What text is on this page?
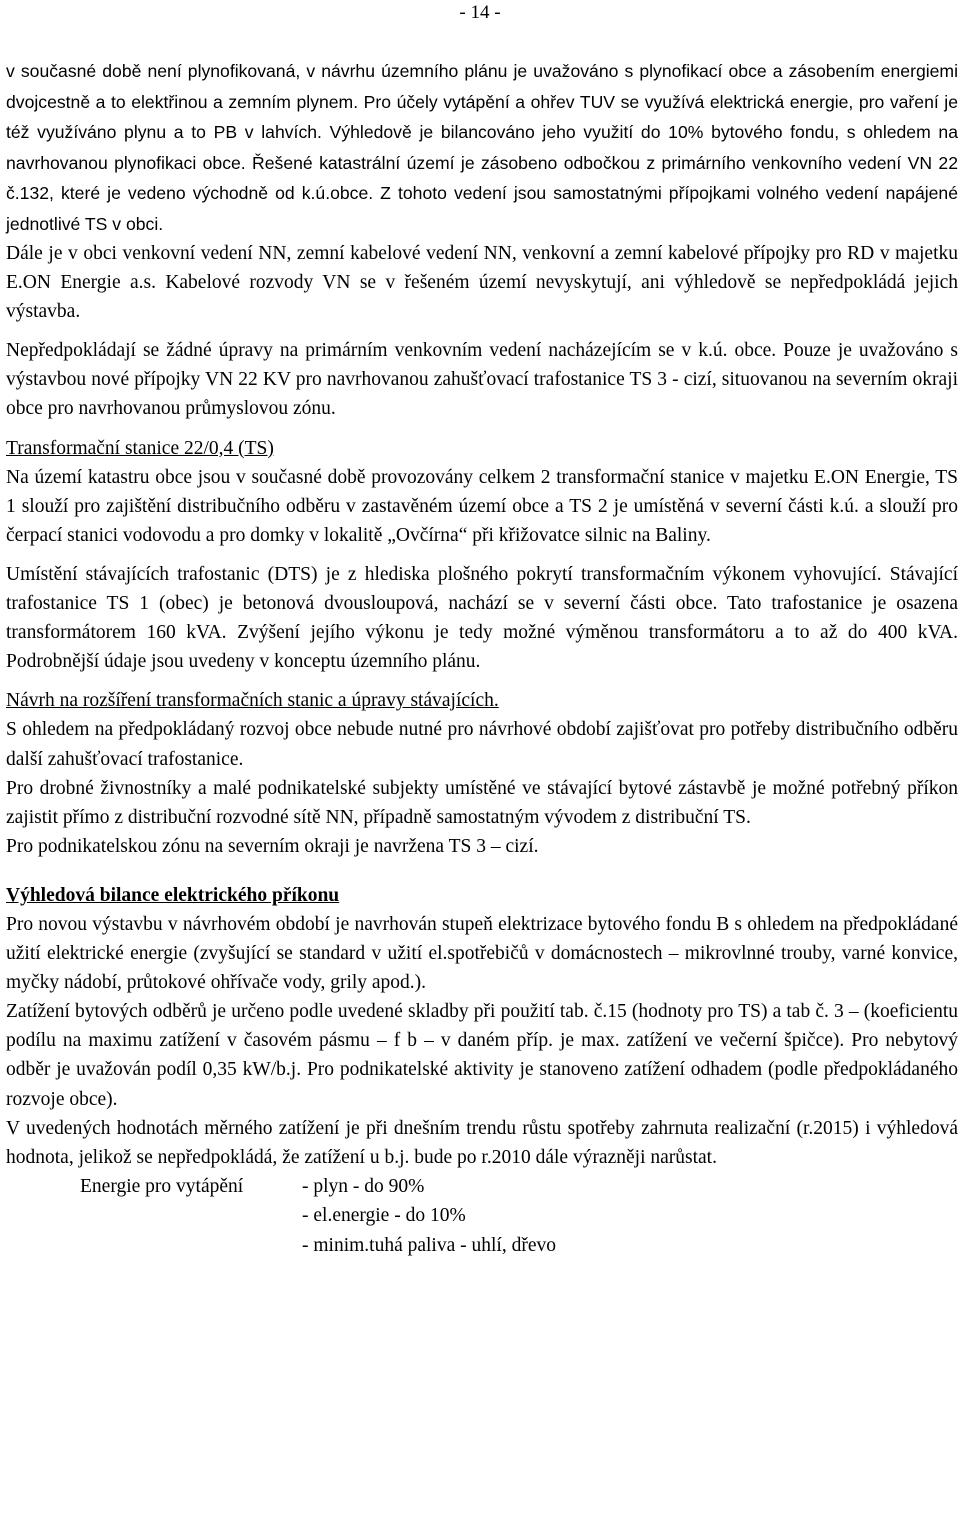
- 14 -

v současné době není plynofikovaná, v návrhu územního plánu je uvažováno s plynofikací obce a zásobením energiemi dvojcestně a to elektřinou a zemním plynem. Pro účely vytápění a ohřev TUV se využívá elektrická energie, pro vaření je též využíváno plynu a to PB v lahvích. Výhledově je bilancováno jeho využití do 10% bytového fondu, s ohledem na navrhovanou plynofikaci obce. Řešené katastrální území je zásobeno odbočkou z primárního venkovního vedení VN 22 č.132, které je vedeno východně od k.ú.obce. Z tohoto vedení jsou samostatnými přípojkami volného vedení napájené jednotlivé TS v obci.

Dále je v obci venkovní vedení NN, zemní kabelové vedení NN, venkovní a zemní kabelové přípojky pro RD v majetku E.ON Energie a.s. Kabelové rozvody VN se v řešeném území nevyskytují, ani výhledově se nepředpokládá jejich výstavba.

Nepředpokládají se žádné úpravy na primárním venkovním vedení nacházejícím se v k.ú. obce. Pouze je uvažováno s výstavbou nové přípojky VN 22 KV pro navrhovanou zahušťovací trafostanice TS 3 - cizí, situovanou na severním okraji obce pro navrhovanou průmyslovou zónu.

Transformační stanice 22/0,4 (TS)

Na území katastru obce jsou v současné době provozovány celkem 2 transformační stanice v majetku E.ON Energie, TS 1 slouží pro zajištění distribučního odběru v zastavěném území obce a TS 2 je umístěná v severní části k.ú. a slouží pro čerpací stanici vodovodu a pro domky v lokalitě „Ovčírna“ při křižovatce silnic na Baliny.

Umístění stávajících trafostanic (DTS) je z hlediska plošného pokrytí transformačním výkonem vyhovující. Stávající trafostanice TS 1 (obec) je betonová dvousloupová, nachází se v severní části obce. Tato trafostanice je osazena transformátorem 160 kVA. Zvýšení jejího výkonu je tedy možné výměnou transformátoru a to až do 400 kVA. Podrobnější údaje jsou uvedeny v konceptu územního plánu.

Návrh na rozšíření transformačních stanic a úpravy stávajících.

S ohledem na předpokládaný rozvoj obce nebude nutné pro návrhové období zajišťovat pro potřeby distribučního odběru další zahušťovací trafostanice.

Pro drobné živnostníky a malé podnikatelské subjekty umístěné ve stávající bytové zástavbě je možné potřebný příkon zajistit přímo z distribuční rozvodné sítě NN, případně samostatným vývodem z distribuční TS.

Pro podnikatelskou zónu na severním okraji je navržena TS 3 – cizí.

Výhledová bilance elektrického příkonu

Pro novou výstavbu v návrhovém období je navrhován stupeň elektrizace bytového fondu B s ohledem na předpokládané užití elektrické energie (zvyšující se standard v užití el.spotřebičů v domácnostech – mikrovlnné trouby, varné konvice, myčky nádobí, průtokové ohřívače vody, grily apod.).

Zatížení bytových odběrů je určeno podle uvedené skladby při použití tab. č.15 (hodnoty pro TS) a tab č. 3 – (koeficientu podílu na maximu zatížení v časovém pásmu – f b – v daném příp. je max. zatížení ve večerní špičce). Pro nebytový odběr je uvažován podíl 0,35 kW/b.j. Pro podnikatelské aktivity je stanoveno zatížení odhadem (podle předpokládaného rozvoje obce).

V uvedených hodnotách měrného zatížení je při dnešním trendu růstu spotřeby zahrnuta realizační (r.2015) i výhledová hodnota, jelikož se nepředpokládá, že zatížení u b.j. bude po r.2010 dále výrazněji narůstat.

Energie pro vytápění	- plyn - do 90%
- el.energie - do 10%
- minim.tuhá paliva - uhlí, dřevo
